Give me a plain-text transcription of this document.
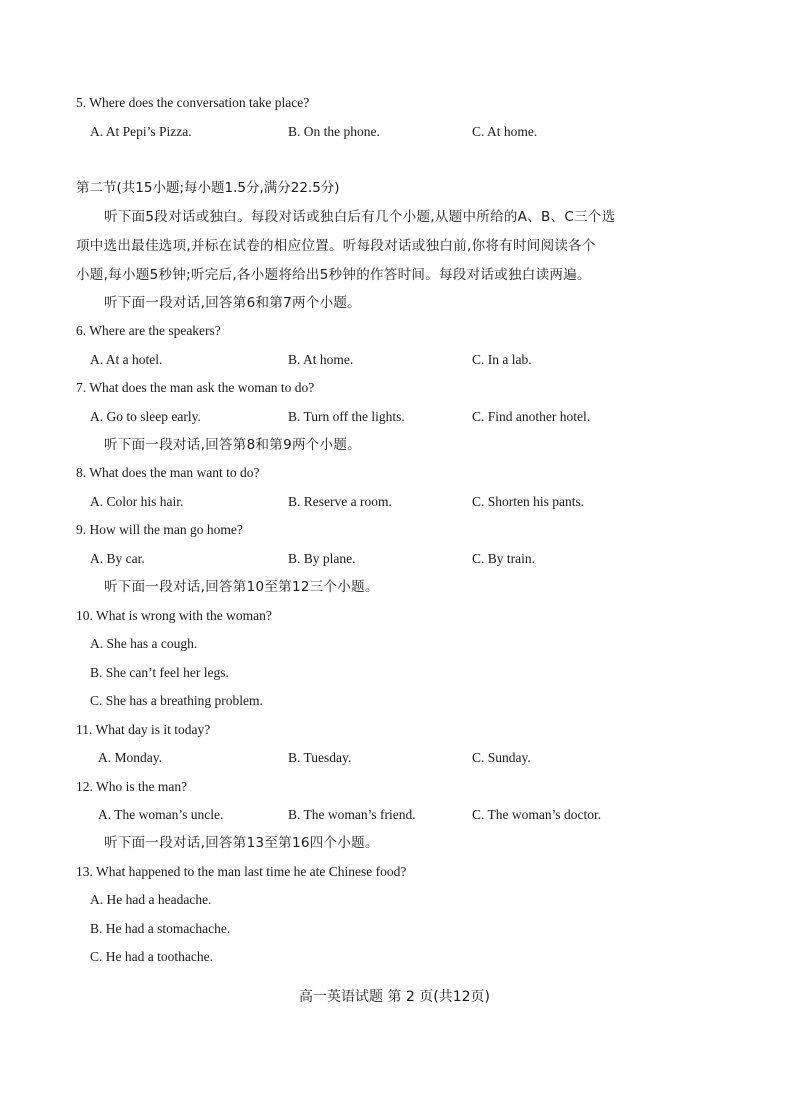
5. Where does the conversation take place?
A. At Pepi’s Pizza.	B. On the phone.	C. At home.
第二节(共15小题;每小题1.5分,满分22.5分)
听下面5段对话或独白。每段对话或独白后有几个小题,从题中所给的A、B、C三个选
项中选出最佳选项,并标在试卷的相应位置。听每段对话或独白前,你将有时间阅读各个
小题,每小题5秒钟;听完后,各小题将给出5秒钟的作答时间。每段对话或独白读两遍。
听下面一段对话,回答第6和第7两个小题。
6. Where are the speakers?
A. At a hotel.	B. At home.	C. In a lab.
7. What does the man ask the woman to do?
A. Go to sleep early.	B. Turn off the lights.	C. Find another hotel.
听下面一段对话,回答第8和第9两个小题。
8. What does the man want to do?
A. Color his hair.	B. Reserve a room.	C. Shorten his pants.
9. How will the man go home?
A. By car.	B. By plane.	C. By train.
听下面一段对话,回答第10至第12三个小题。
10. What is wrong with the woman?
A. She has a cough.
B. She can’t feel her legs.
C. She has a breathing problem.
11. What day is it today?
A. Monday.	B. Tuesday.	C. Sunday.
12. Who is the man?
A. The woman’s uncle.	B. The woman’s friend.	C. The woman’s doctor.
听下面一段对话,回答第13至第16四个小题。
13. What happened to the man last time he ate Chinese food?
A. He had a headache.
B. He had a stomachache.
C. He had a toothache.
高一英语试题 第 2 页(共12页)
